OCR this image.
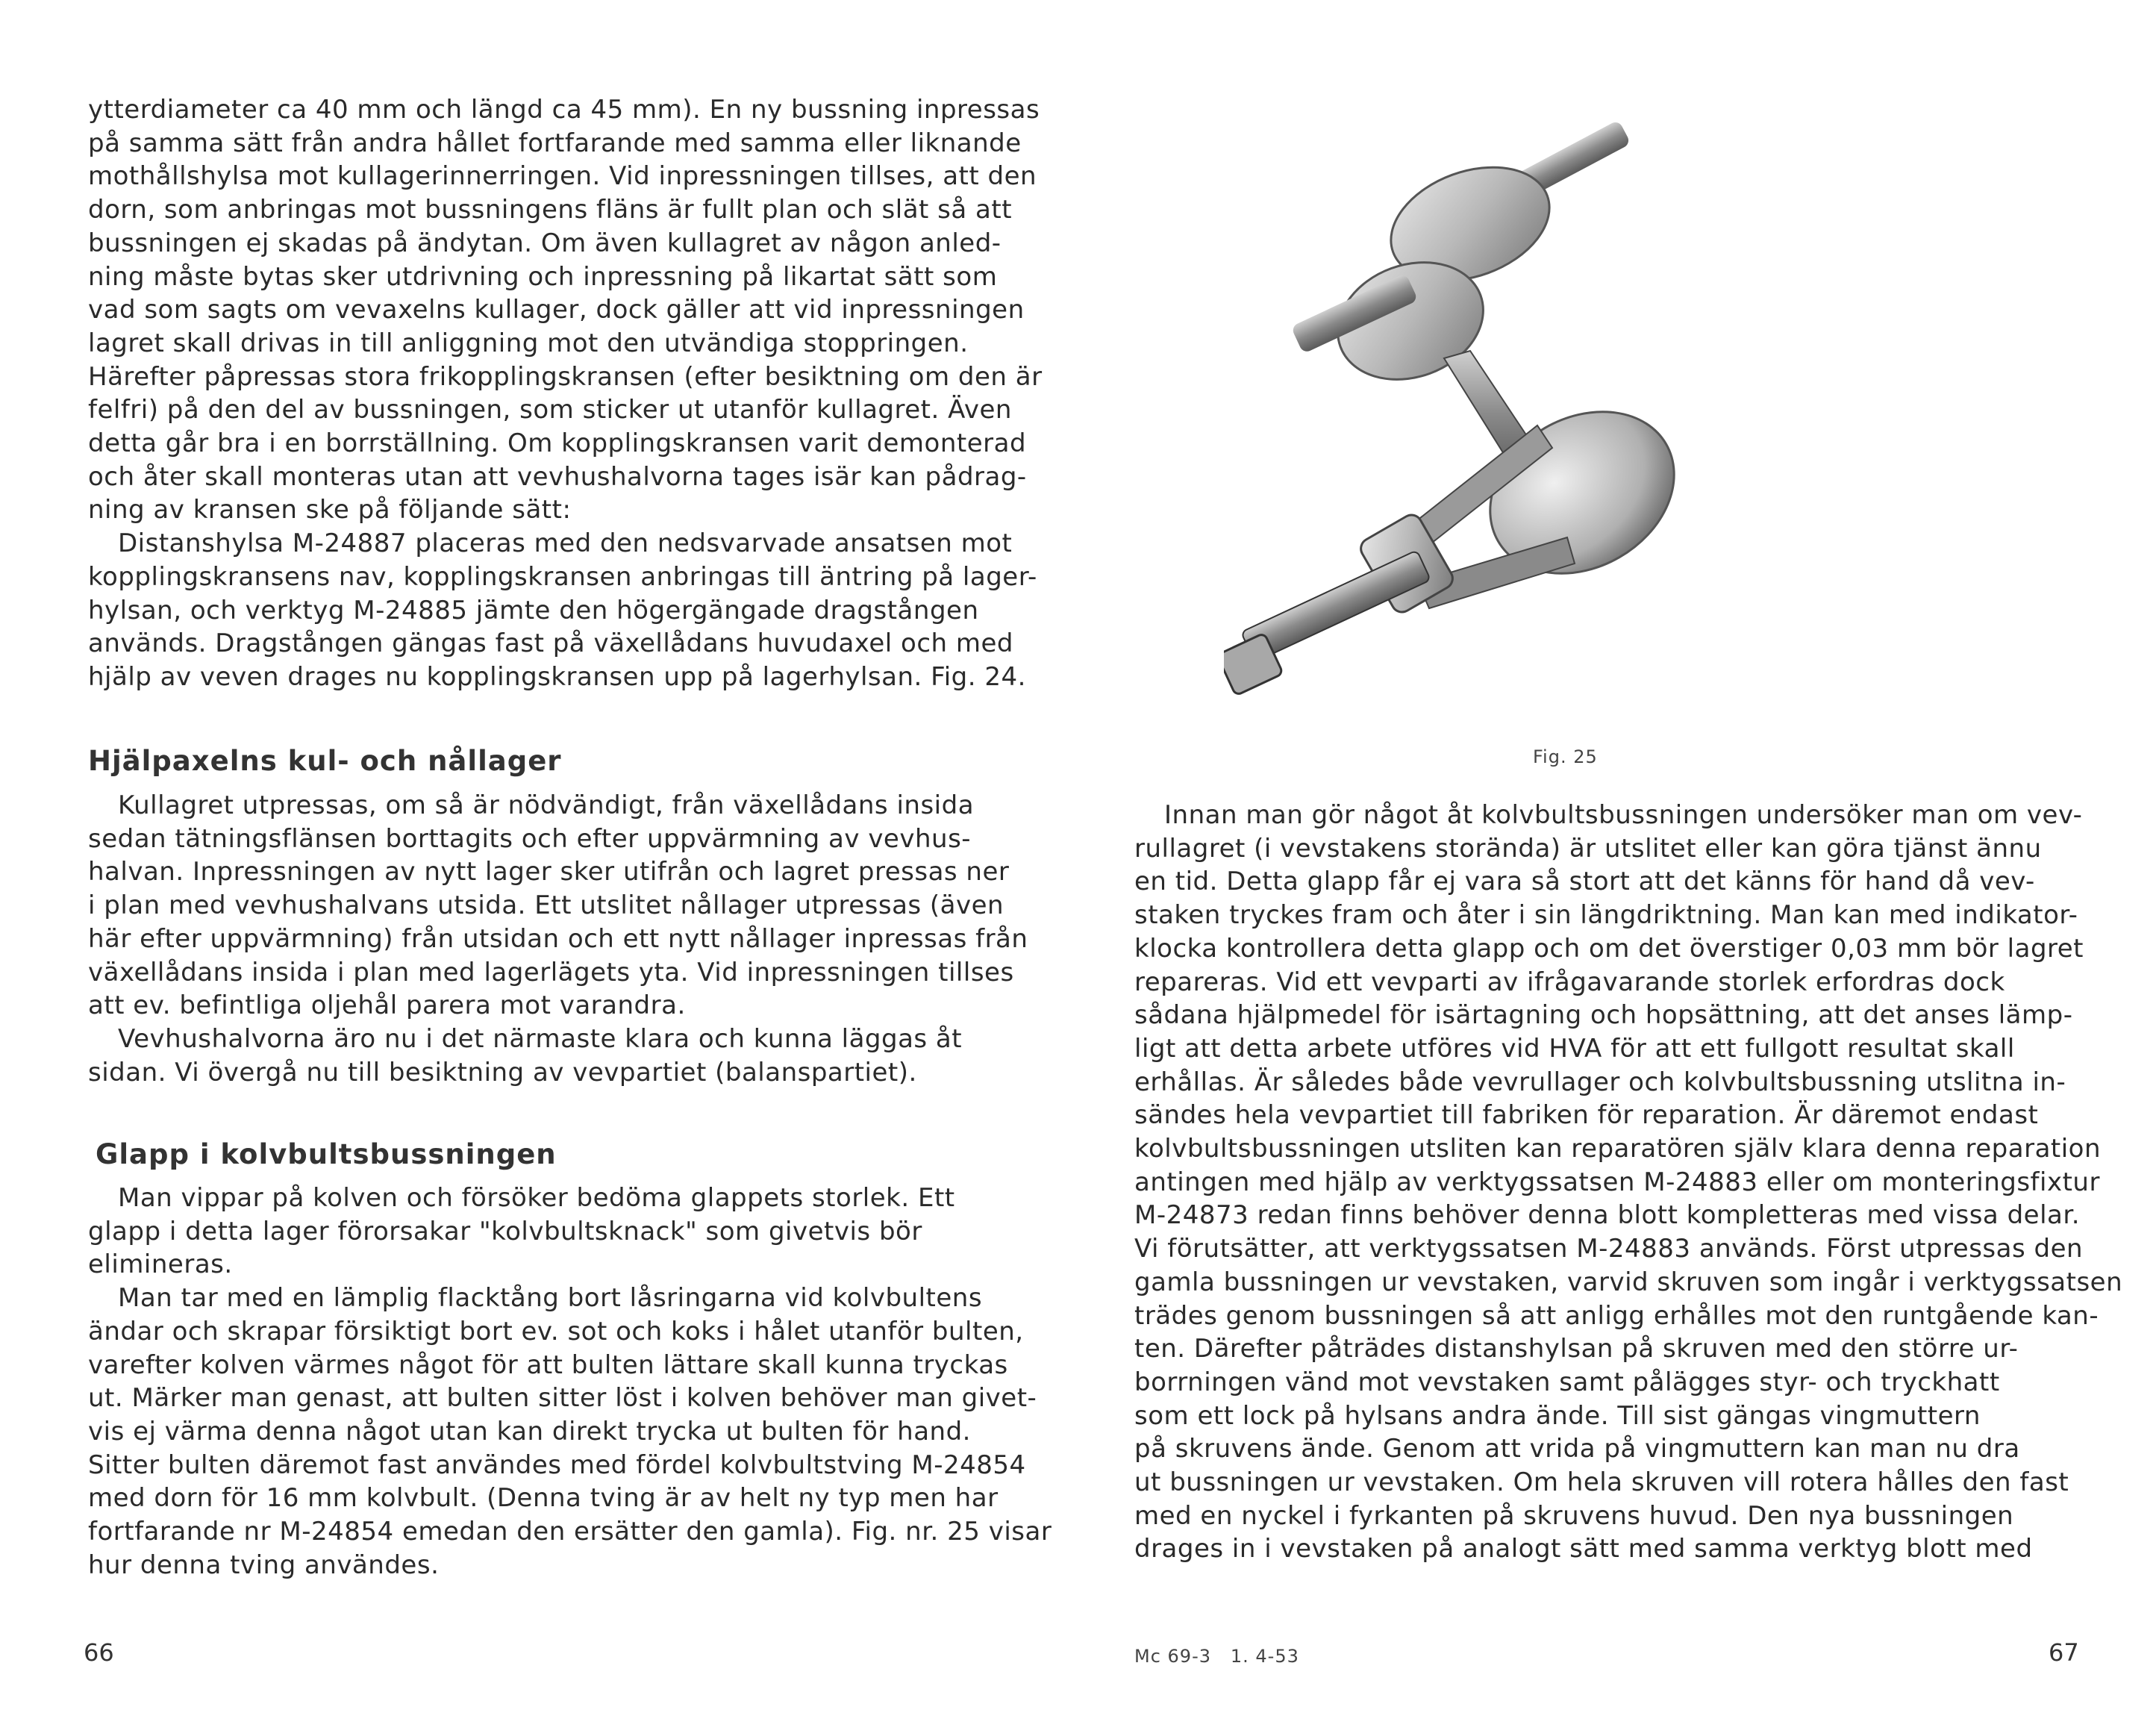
ytterdiameter ca 40 mm och längd ca 45 mm). En ny bussning inpressas
på samma sätt från andra hållet fortfarande med samma eller liknande
mothållshylsa mot kullagerinnerringen. Vid inpressningen tillses, att den
dorn, som anbringas mot bussningens fläns är fullt plan och slät så att
bussningen ej skadas på ändytan. Om även kullagret av någon anled-
ning måste bytas sker utdrivning och inpressning på likartat sätt som
vad som sagts om vevaxelns kullager, dock gäller att vid inpressningen
lagret skall drivas in till anliggning mot den utvändiga stoppringen.
Härefter påpressas stora frikopplingskransen (efter besiktning om den är
felfri) på den del av bussningen, som sticker ut utanför kullagret. Även
detta går bra i en borrställning. Om kopplingskransen varit demonterad
och åter skall monteras utan att vevhushalvorna tages isär kan pådrag-
ning av kransen ske på följande sätt:
Distanshylsa M-24887 placeras med den nedsvarvade ansatsen mot
kopplingskransens nav, kopplingskransen anbringas till äntring på lager-
hylsan, och verktyg M-24885 jämte den högergängade dragstången
används. Dragstången gängas fast på växellådans huvudaxel och med
hjälp av veven drages nu kopplingskransen upp på lagerhylsan. Fig. 24.
Hjälpaxelns kul- och nållager
Kullagret utpressas, om så är nödvändigt, från växellådans insida
sedan tätningsflänsen borttagits och efter uppvärmning av vevhus-
halvan. Inpressningen av nytt lager sker utifrån och lagret pressas ner
i plan med vevhushalvans utsida. Ett utslitet nållager utpressas (även
här efter uppvärmning) från utsidan och ett nytt nållager inpressas från
växellådans insida i plan med lagerlägets yta. Vid inpressningen tillses
att ev. befintliga oljehål parera mot varandra.
Vevhushalvorna äro nu i det närmaste klara och kunna läggas åt
sidan. Vi övergå nu till besiktning av vevpartiet (balanspartiet).
Glapp i kolvbultsbussningen
Man vippar på kolven och försöker bedöma glappets storlek. Ett
glapp i detta lager förorsakar "kolvbultsknack" som givetvis bör
elimineras.
Man tar med en lämplig flacktång bort låsringarna vid kolvbultens
ändar och skrapar försiktigt bort ev. sot och koks i hålet utanför bulten,
varefter kolven värmes något för att bulten lättare skall kunna tryckas
ut. Märker man genast, att bulten sitter löst i kolven behöver man givet-
vis ej värma denna något utan kan direkt trycka ut bulten för hand.
Sitter bulten däremot fast användes med fördel kolvbultstving M-24854
med dorn för 16 mm kolvbult. (Denna tving är av helt ny typ men har
fortfarande nr M-24854 emedan den ersätter den gamla). Fig. nr. 25 visar
hur denna tving användes.
66
Fig. 25
Innan man gör något åt kolvbultsbussningen undersöker man om vev-
rullagret (i vevstakens storända) är utslitet eller kan göra tjänst ännu
en tid. Detta glapp får ej vara så stort att det känns för hand då vev-
staken tryckes fram och åter i sin längdriktning. Man kan med indikator-
klocka kontrollera detta glapp och om det överstiger 0,03 mm bör lagret
repareras. Vid ett vevparti av ifrågavarande storlek erfordras dock
sådana hjälpmedel för isärtagning och hopsättning, att det anses lämp-
ligt att detta arbete utföres vid HVA för att ett fullgott resultat skall
erhållas. Är således både vevrullager och kolvbultsbussning utslitna in-
sändes hela vevpartiet till fabriken för reparation. Är däremot endast
kolvbultsbussningen utsliten kan reparatören själv klara denna reparation
antingen med hjälp av verktygssatsen M-24883 eller om monteringsfixtur
M-24873 redan finns behöver denna blott kompletteras med vissa delar.
Vi förutsätter, att verktygssatsen M-24883 används. Först utpressas den
gamla bussningen ur vevstaken, varvid skruven som ingår i verktygssatsen
trädes genom bussningen så att anligg erhålles mot den runtgående kan-
ten. Därefter påträdes distanshylsan på skruven med den större ur-
borrningen vänd mot vevstaken samt pålägges styr- och tryckhatt
som ett lock på hylsans andra ände. Till sist gängas vingmuttern
på skruvens ände. Genom att vrida på vingmuttern kan man nu dra
ut bussningen ur vevstaken. Om hela skruven vill rotera hålles den fast
med en nyckel i fyrkanten på skruvens huvud. Den nya bussningen
drages in i vevstaken på analogt sätt med samma verktyg blott med
Mc 69-3   1. 4-53	67
